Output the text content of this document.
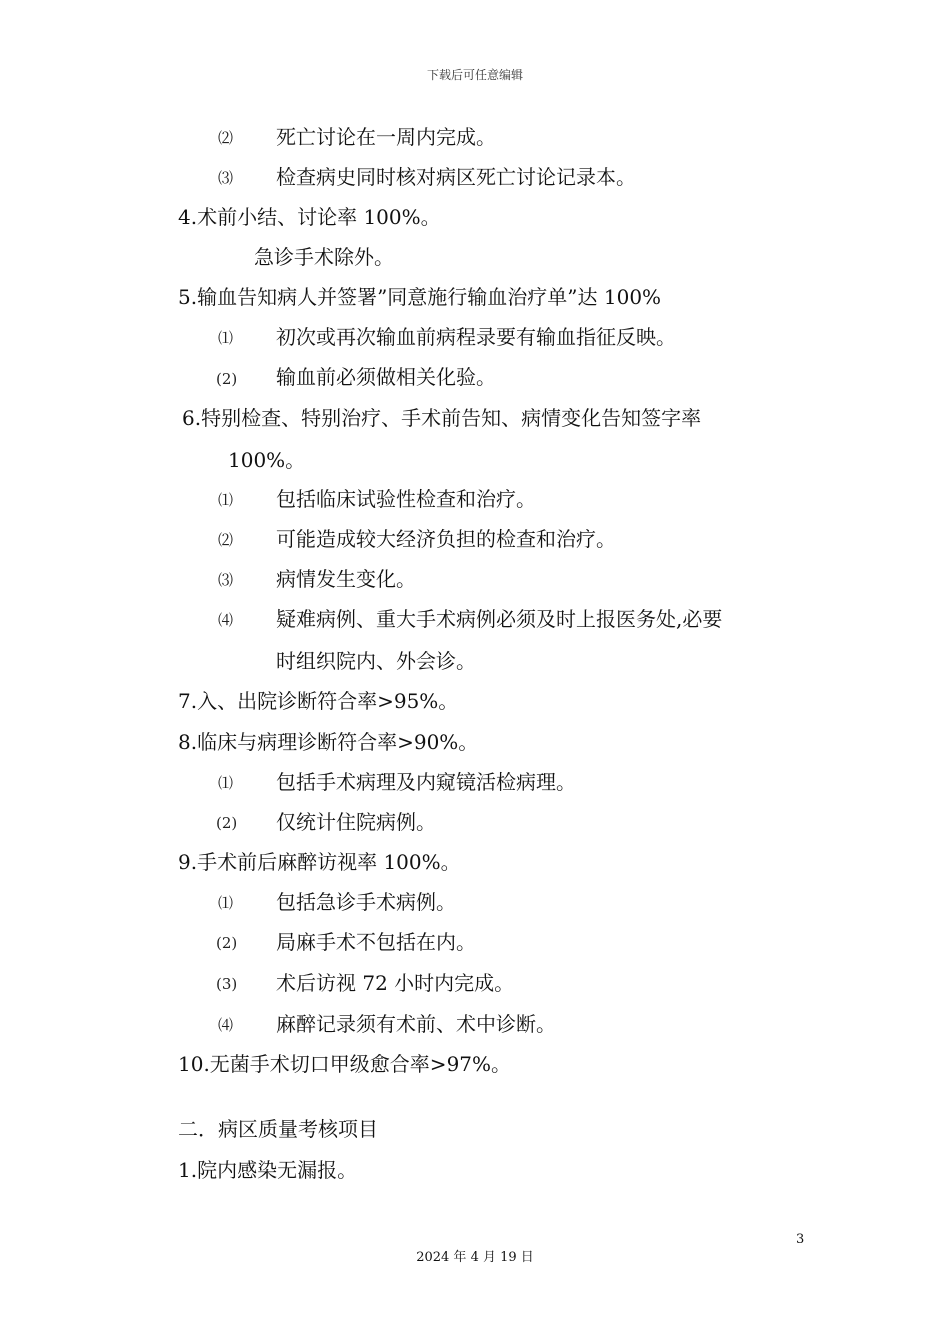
下载后可任意编辑
⑵ 死亡讨论在一周内完成。
⑶ 检查病史同时核对病区死亡讨论记录本。
4.术前小结、讨论率 100%。
急诊手术除外。
5.输血告知病人并签署”同意施行输血治疗单”达 100%
⑴ 初次或再次输血前病程录要有输血指征反映。
(2) 输血前必须做相关化验。
6.特别检查、特别治疗、手术前告知、病情变化告知签字率
100%。
⑴ 包括临床试验性检查和治疗。
⑵ 可能造成较大经济负担的检查和治疗。
⑶ 病情发生变化。
⑷ 疑难病例、重大手术病例必须及时上报医务处,必要
时组织院内、外会诊。
7.入、出院诊断符合率>95%。
8.临床与病理诊断符合率>90%。
⑴ 包括手术病理及内窥镜活检病理。
(2) 仅统计住院病例。
9.手术前后麻醉访视率 100%。
⑴ 包括急诊手术病例。
(2) 局麻手术不包括在内。
(3) 术后访视 72 小时内完成。
⑷ 麻醉记录须有术前、术中诊断。
10.无菌手术切口甲级愈合率>97%。
二．病区质量考核项目
1.院内感染无漏报。
3
2024 年 4 月 19 日
